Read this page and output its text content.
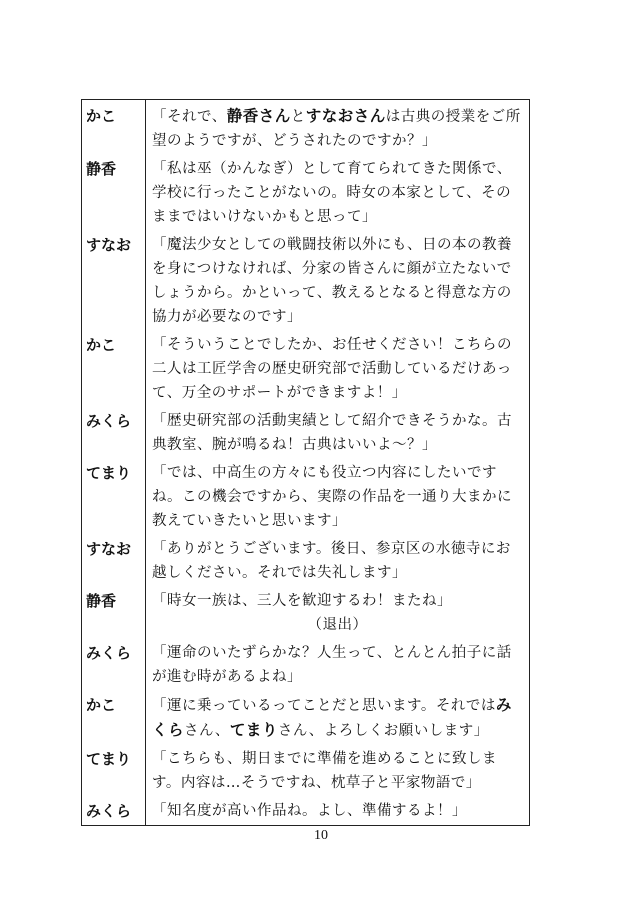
かこ	「それで、静香さんとすなおさんは古典の授業をご所望のようですが、どうされたのですか？」
静香	「私は巫（かんなぎ）として育てられてきた関係で、学校に行ったことがないの。時女の本家として、そのままではいけないかもと思って」
すなお	「魔法少女としての戦闘技術以外にも、日の本の教養を身につけなければ、分家の皆さんに顔が立たないでしょうから。かといって、教えるとなると得意な方の協力が必要なのです」
かこ	「そういうことでしたか、お任せください！こちらの二人は工匠学舎の歴史研究部で活動しているだけあって、万全のサポートができますよ！」
みくら	「歴史研究部の活動実績として紹介できそうかな。古典教室、腕が鳴るね！古典はいいよ～？」
てまり	「では、中高生の方々にも役立つ内容にしたいですね。この機会ですから、実際の作品を一通り大まかに教えていきたいと思います」
すなお	「ありがとうございます。後日、参京区の水徳寺にお越しください。それでは失礼します」
静香	「時女一族は、三人を歓迎するわ！またね」
（退出）

みくら	「運命のいたずらかな？人生って、とんとん拍子に話が進む時があるよね」
かこ	「運に乗っているってことだと思います。それではみくらさん、てまりさん、よろしくお願いします」
てまり	「こちらも、期日までに準備を進めることに致します。内容は…そうですね、枕草子と平家物語で」
みくら	「知名度が高い作品ね。よし、準備するよ！」
10
